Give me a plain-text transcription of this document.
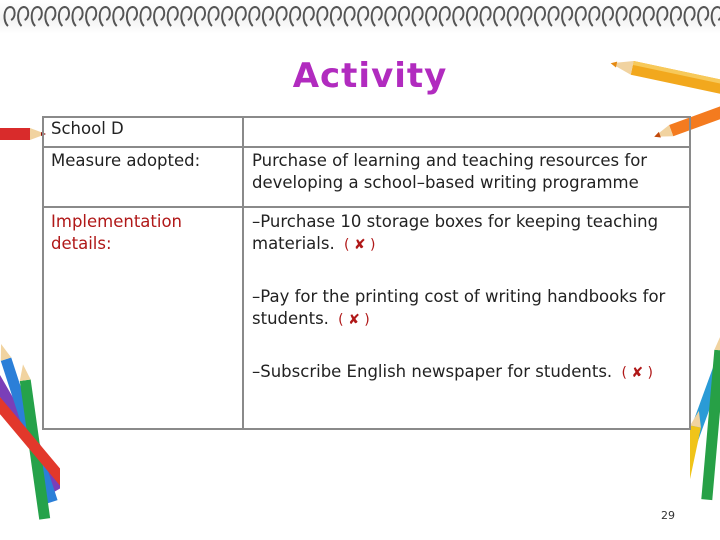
Activity
School D	
Measure adopted:	Purchase of learning and teaching resources for developing a school–based writing programme
Implementation details:	–Purchase 10 storage boxes for keeping teaching materials. ( ✘ )
–Pay for the printing cost of writing handbooks for students. ( ✘ )
–Subscribe English newspaper for students. ( ✘ )
29
